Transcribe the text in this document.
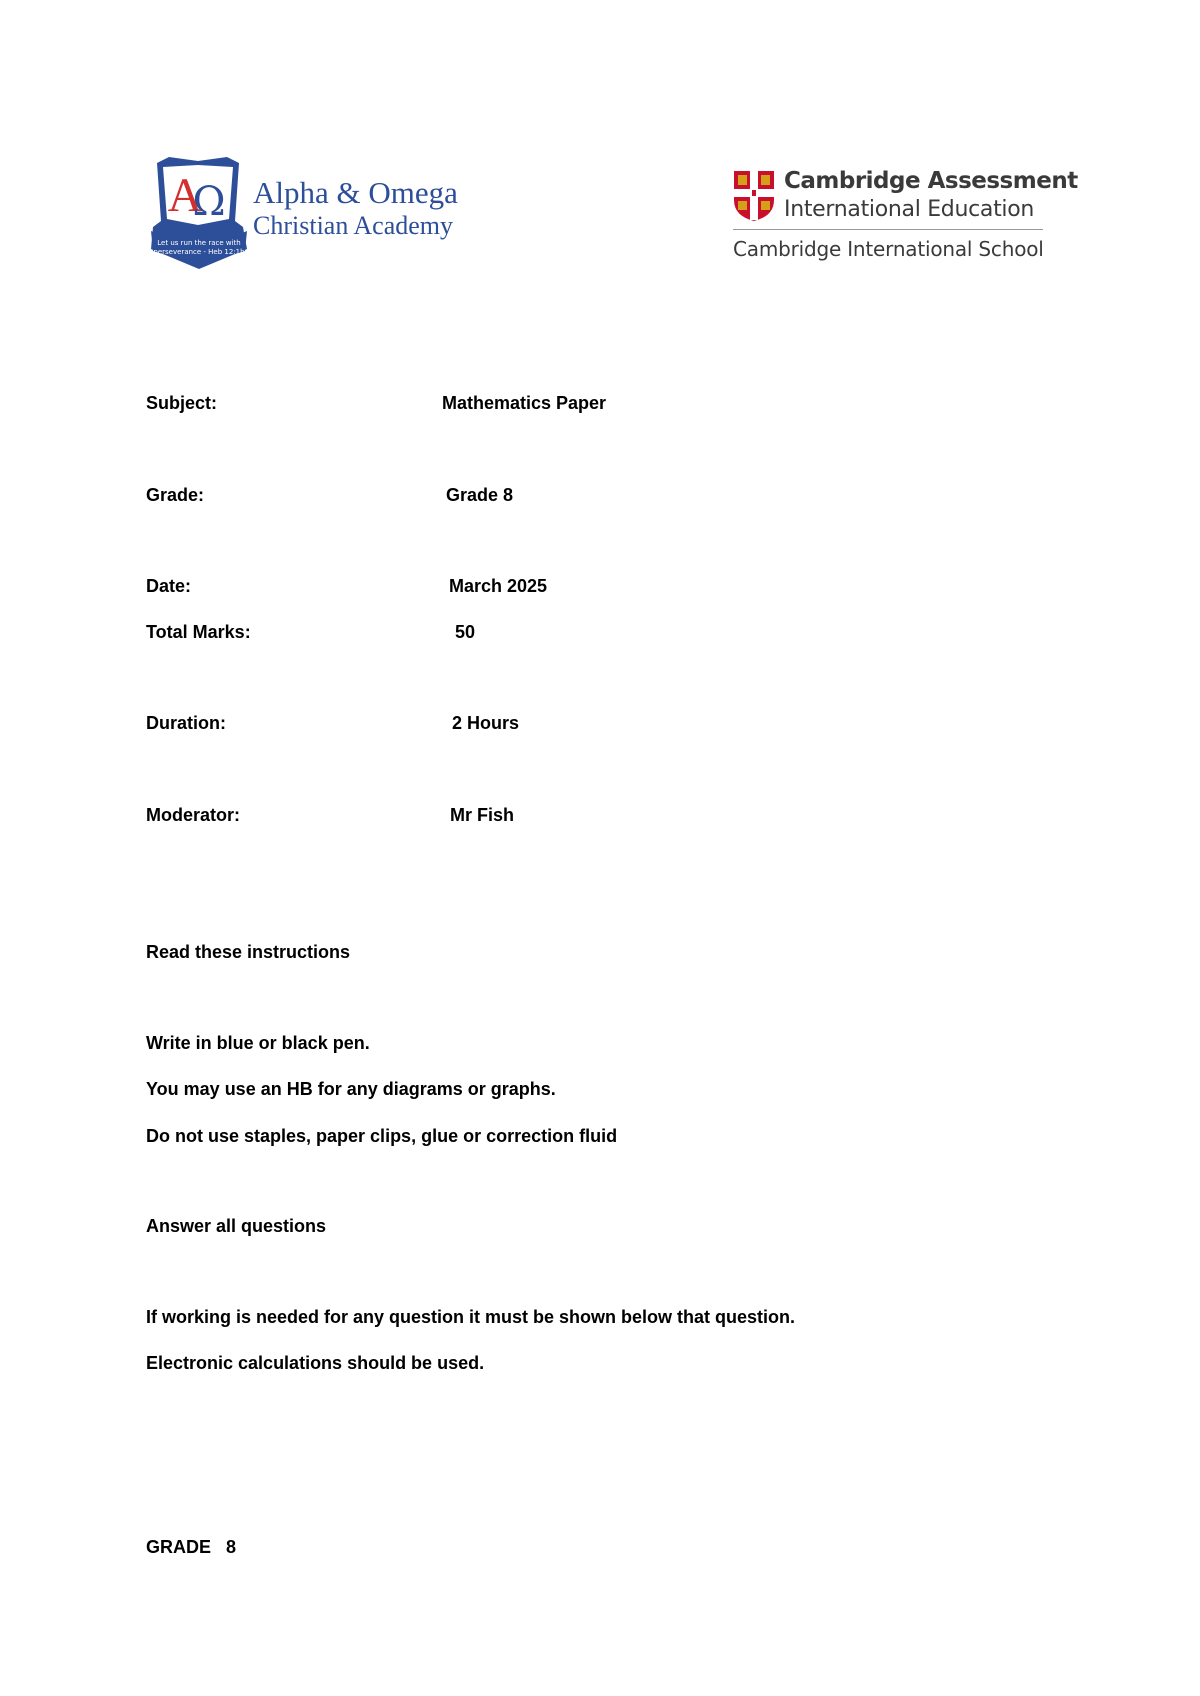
A
Ω
Let us run the race with
perseverance - Heb 12:1b
Alpha & Omega
Christian Academy
Cambridge Assessment
International Education
Cambridge International School
Subject:	Mathematics Paper
Grade:	Grade 8
Date:	March 2025
Total Marks:	50
Duration:	2 Hours
Moderator:	Mr Fish
Read these instructions
Write in blue or black pen.
You may use an HB for any diagrams or graphs.
Do not use staples, paper clips, glue or correction fluid
Answer all questions
If working is needed for any question it must be shown below that question.
Electronic calculations should be used.
GRADE   8
